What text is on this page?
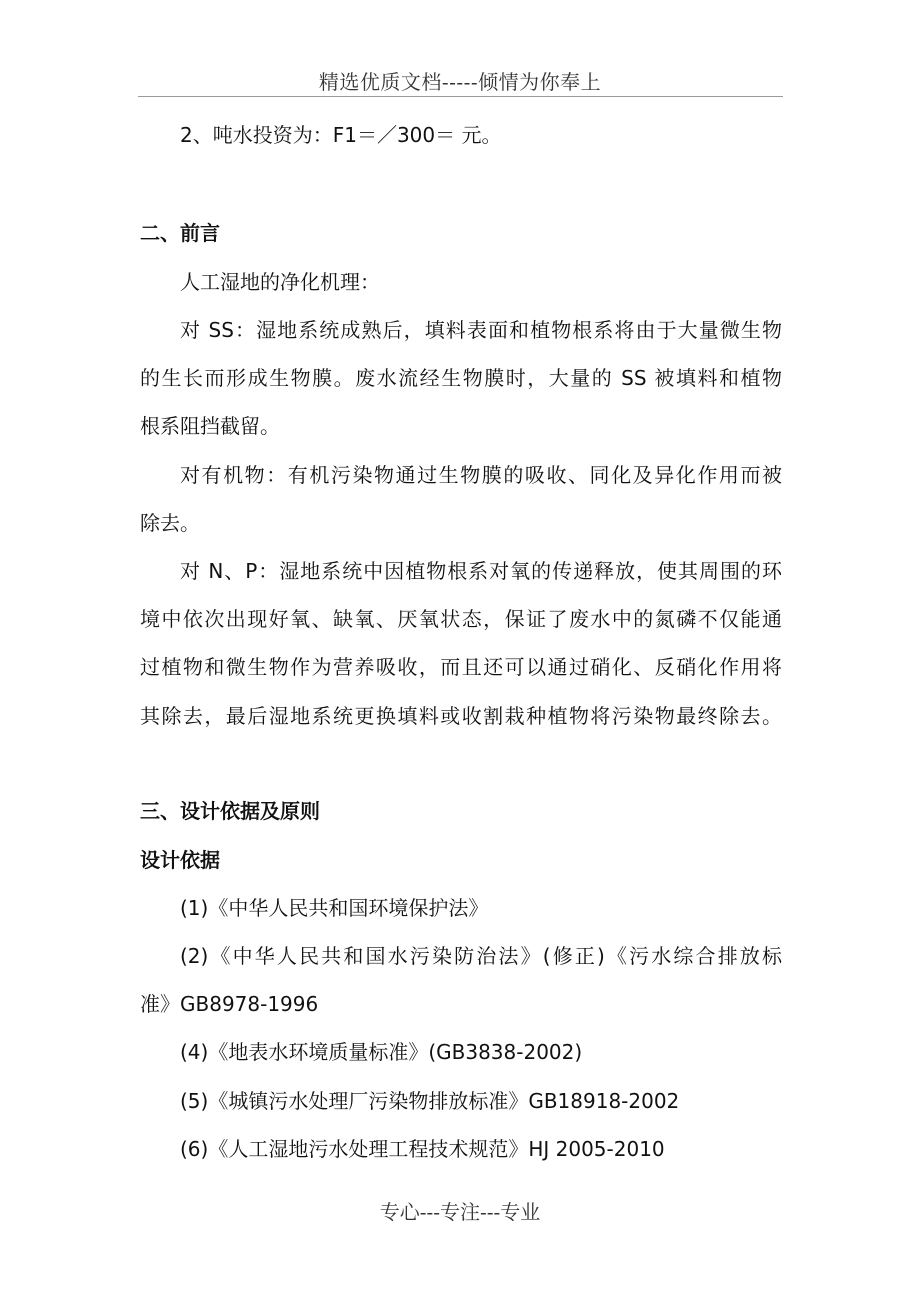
精选优质文档-----倾情为你奉上
2、吨水投资为：F1＝／300＝ 元。
二、前言
人工湿地的净化机理：
对 SS：湿地系统成熟后，填料表面和植物根系将由于大量微生物
的生长而形成生物膜。废水流经生物膜时，大量的 SS 被填料和植物
根系阻挡截留。
对有机物：有机污染物通过生物膜的吸收、同化及异化作用而被
除去。
对 N、P：湿地系统中因植物根系对氧的传递释放，使其周围的环
境中依次出现好氧、缺氧、厌氧状态，保证了废水中的氮磷不仅能通
过植物和微生物作为营养吸收，而且还可以通过硝化、反硝化作用将
其除去，最后湿地系统更换填料或收割栽种植物将污染物最终除去。
三、设计依据及原则
设计依据
(1)《中华人民共和国环境保护法》
(2)《中华人民共和国水污染防治法》(修正)《污水综合排放标
准》GB8978-1996
(4)《地表水环境质量标准》(GB3838-2002)
(5)《城镇污水处理厂污染物排放标准》GB18918-2002
(6)《人工湿地污水处理工程技术规范》HJ 2005-2010
专心---专注---专业
